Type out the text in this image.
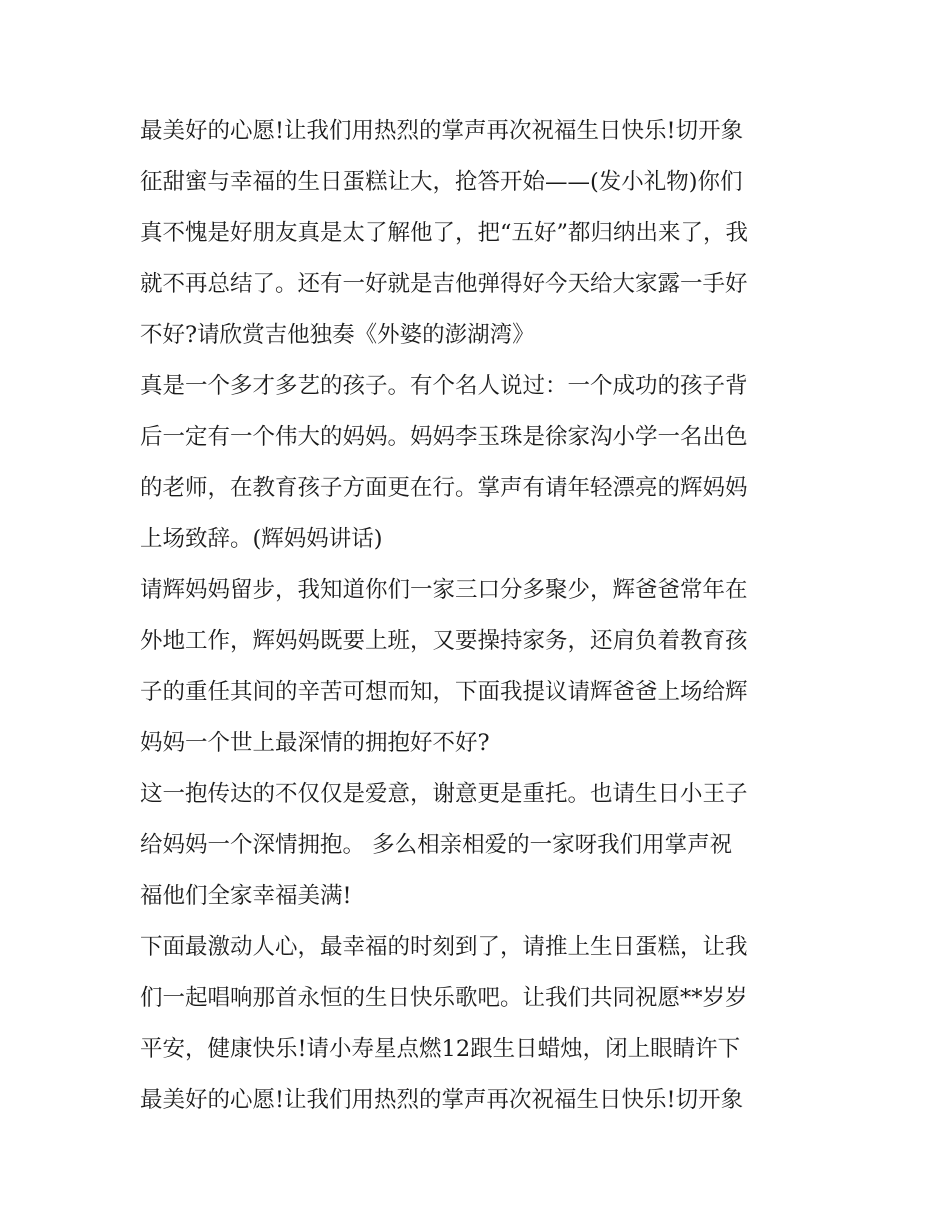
最美好的心愿!让我们用热烈的掌声再次祝福生日快乐!切开象
征甜蜜与幸福的生日蛋糕让大，抢答开始——(发小礼物)你们
真不愧是好朋友真是太了解他了，把“五好”都归纳出来了，我
就不再总结了。还有一好就是吉他弹得好今天给大家露一手好
不好?请欣赏吉他独奏《外婆的澎湖湾》
真是一个多才多艺的孩子。有个名人说过：一个成功的孩子背
后一定有一个伟大的妈妈。妈妈李玉珠是徐家沟小学一名出色
的老师，在教育孩子方面更在行。掌声有请年轻漂亮的辉妈妈
上场致辞。(辉妈妈讲话)
请辉妈妈留步，我知道你们一家三口分多聚少，辉爸爸常年在
外地工作，辉妈妈既要上班，又要操持家务，还肩负着教育孩
子的重任其间的辛苦可想而知，下面我提议请辉爸爸上场给辉
妈妈一个世上最深情的拥抱好不好?
这一抱传达的不仅仅是爱意，谢意更是重托。也请生日小王子
给妈妈一个深情拥抱。 多么相亲相爱的一家呀我们用掌声祝
福他们全家幸福美满!
下面最激动人心，最幸福的时刻到了，请推上生日蛋糕，让我
们一起唱响那首永恒的生日快乐歌吧。让我们共同祝愿**岁岁
平安，健康快乐!请小寿星点燃12跟生日蜡烛，闭上眼睛许下
最美好的心愿!让我们用热烈的掌声再次祝福生日快乐!切开象
